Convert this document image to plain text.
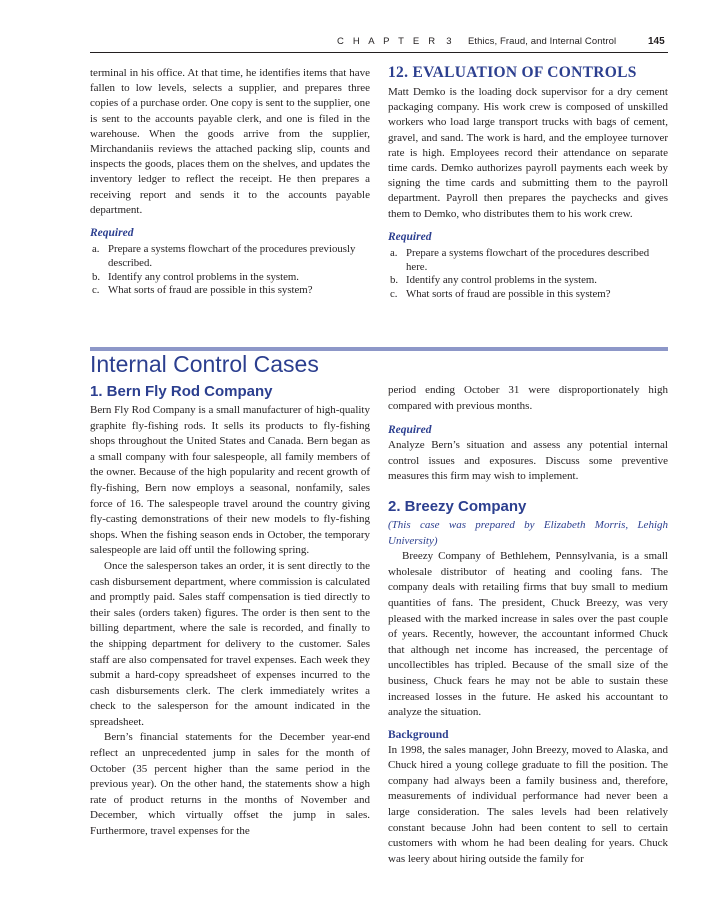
C H A P T E R 3 Ethics, Fraud, and Internal Control	145

terminal in his office. At that time, he identifies items that have fallen to low levels, selects a supplier, and prepares three copies of a purchase order. One copy is sent to the supplier, one is sent to the accounts payable clerk, and one is filed in the warehouse. When the goods arrive from the supplier, Mirchandaniis reviews the attached packing slip, counts and inspects the goods, places them on the shelves, and updates the inventory ledger to reflect the receipt. He then prepares a receiving report and sends it to the accounts payable department.

Required
a. Prepare a systems flowchart of the procedures previously described.
b. Identify any control problems in the system.
c. What sorts of fraud are possible in this system?
12. EVALUATION OF CONTROLS

Matt Demko is the loading dock supervisor for a dry cement packaging company. His work crew is composed of unskilled workers who load large transport trucks with bags of cement, gravel, and sand. The work is hard, and the employee turnover rate is high. Employees record their attendance on separate time cards. Demko authorizes payroll payments each week by signing the time cards and submitting them to the payroll department. Payroll then prepares the paychecks and gives them to Demko, who distributes them to his work crew.

Required
a. Prepare a systems flowchart of the procedures described here.
b. Identify any control problems in the system.
c. What sorts of fraud are possible in this system?
Internal Control Cases
1. Bern Fly Rod Company

Bern Fly Rod Company is a small manufacturer of high-quality graphite fly-fishing rods. It sells its products to fly-fishing shops throughout the United States and Canada. Bern began as a small company with four salespeople, all family members of the owner. Because of the high popularity and recent growth of fly-fishing, Bern now employs a seasonal, nonfamily, sales force of 16. The salespeople travel around the country giving fly-casting demonstrations of their new models to fly-fishing shops. When the fishing season ends in October, the temporary salespeople are laid off until the following spring.

Once the salesperson takes an order, it is sent directly to the cash disbursement department, where commission is calculated and promptly paid. Sales staff compensation is tied directly to their sales (orders taken) figures. The order is then sent to the billing department, where the sale is recorded, and finally to the shipping department for delivery to the customer. Sales staff are also compensated for travel expenses. Each week they submit a hard-copy spreadsheet of expenses incurred to the cash disbursements clerk. The clerk immediately writes a check to the salesperson for the amount indicated in the spreadsheet.

Bern’s financial statements for the December year-end reflect an unprecedented jump in sales for the month of October (35 percent higher than the same period in the previous year). On the other hand, the statements show a high rate of product returns in the months of November and December, which virtually offset the jump in sales. Furthermore, travel expenses for the

period ending October 31 were disproportionately high compared with previous months.

Required

Analyze Bern’s situation and assess any potential internal control issues and exposures. Discuss some preventive measures this firm may wish to implement.

2. Breezy Company

(This case was prepared by Elizabeth Morris, Lehigh University)

Breezy Company of Bethlehem, Pennsylvania, is a small wholesale distributor of heating and cooling fans. The company deals with retailing firms that buy small to medium quantities of fans. The president, Chuck Breezy, was very pleased with the marked increase in sales over the past couple of years. Recently, however, the accountant informed Chuck that although net income has increased, the percentage of uncollectibles has tripled. Because of the small size of the business, Chuck fears he may not be able to sustain these increased losses in the future. He asked his accountant to analyze the situation.

Background

In 1998, the sales manager, John Breezy, moved to Alaska, and Chuck hired a young college graduate to fill the position. The company had always been a family business and, therefore, measurements of individual performance had never been a large consideration. The sales levels had been relatively constant because John had been content to sell to certain customers with whom he had been dealing for years. Chuck was leery about hiring outside the family for
